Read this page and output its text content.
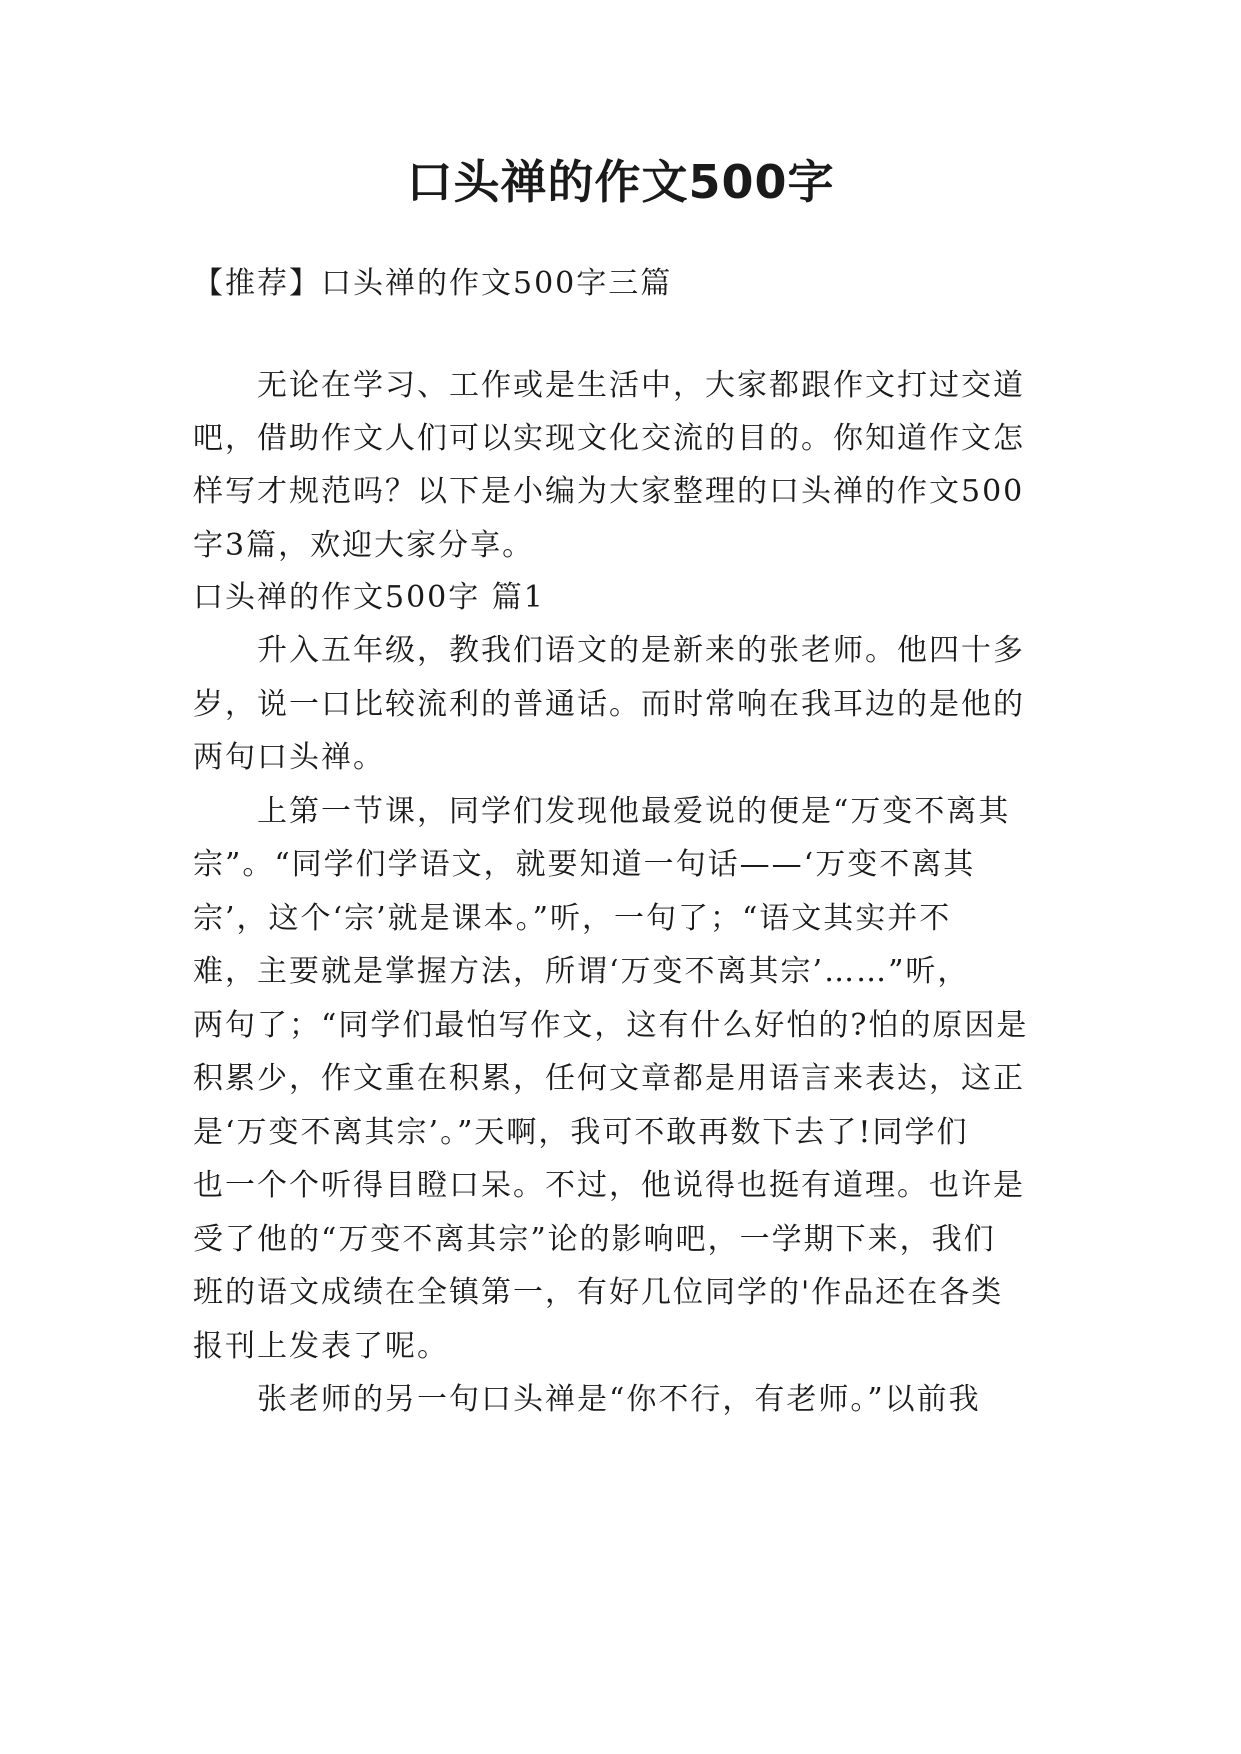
口头禅的作文500字
【推荐】口头禅的作文500字三篇
无论在学习、工作或是生活中，大家都跟作文打过交道
吧，借助作文人们可以实现文化交流的目的。你知道作文怎
样写才规范吗？以下是小编为大家整理的口头禅的作文500
字3篇，欢迎大家分享。
口头禅的作文500字 篇1
升入五年级，教我们语文的是新来的张老师。他四十多
岁，说一口比较流利的普通话。而时常响在我耳边的是他的
两句口头禅。
上第一节课，同学们发现他最爱说的便是“万变不离其
宗”。“同学们学语文，就要知道一句话——‘万变不离其
宗’，这个‘宗’就是课本。”听，一句了；“语文其实并不
难，主要就是掌握方法，所谓‘万变不离其宗’……”听，
两句了；“同学们最怕写作文，这有什么好怕的?怕的原因是
积累少，作文重在积累，任何文章都是用语言来表达，这正
是‘万变不离其宗’。”天啊，我可不敢再数下去了!同学们
也一个个听得目瞪口呆。不过，他说得也挺有道理。也许是
受了他的“万变不离其宗”论的影响吧，一学期下来，我们
班的语文成绩在全镇第一，有好几位同学的'作品还在各类
报刊上发表了呢。
张老师的另一句口头禅是“你不行，有老师。”以前我
